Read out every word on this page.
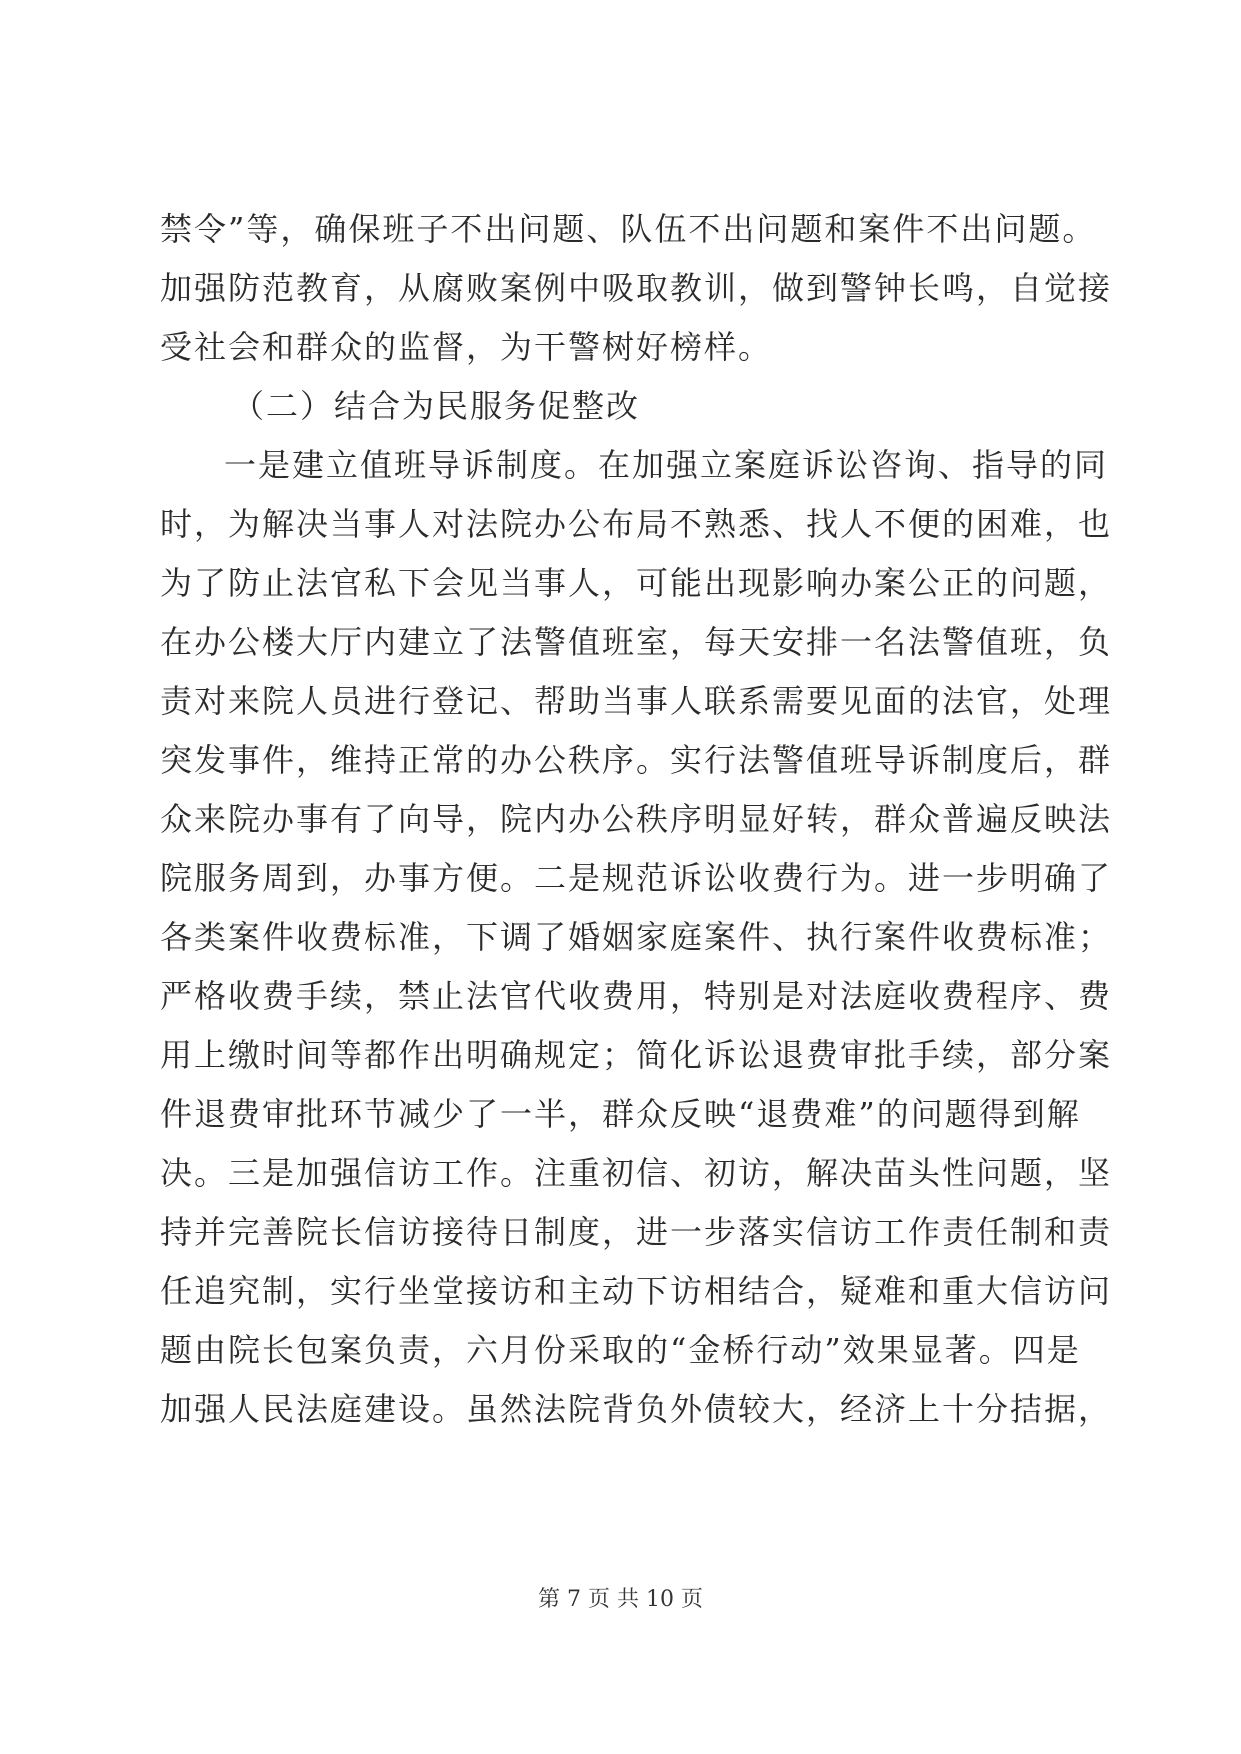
禁令”等，确保班子不出问题、队伍不出问题和案件不出问题。
加强防范教育，从腐败案例中吸取教训，做到警钟长鸣，自觉接
受社会和群众的监督，为干警树好榜样。
（二）结合为民服务促整改
一是建立值班导诉制度。在加强立案庭诉讼咨询、指导的同
时，为解决当事人对法院办公布局不熟悉、找人不便的困难，也
为了防止法官私下会见当事人，可能出现影响办案公正的问题，
在办公楼大厅内建立了法警值班室，每天安排一名法警值班，负
责对来院人员进行登记、帮助当事人联系需要见面的法官，处理
突发事件，维持正常的办公秩序。实行法警值班导诉制度后，群
众来院办事有了向导，院内办公秩序明显好转，群众普遍反映法
院服务周到，办事方便。二是规范诉讼收费行为。进一步明确了
各类案件收费标准，下调了婚姻家庭案件、执行案件收费标准；
严格收费手续，禁止法官代收费用，特别是对法庭收费程序、费
用上缴时间等都作出明确规定；简化诉讼退费审批手续，部分案
件退费审批环节减少了一半，群众反映“退费难”的问题得到解
决。三是加强信访工作。注重初信、初访，解决苗头性问题，坚
持并完善院长信访接待日制度，进一步落实信访工作责任制和责
任追究制，实行坐堂接访和主动下访相结合，疑难和重大信访问
题由院长包案负责，六月份采取的“金桥行动”效果显著。四是
加强人民法庭建设。虽然法院背负外债较大，经济上十分拮据，
第 7 页 共 10 页
